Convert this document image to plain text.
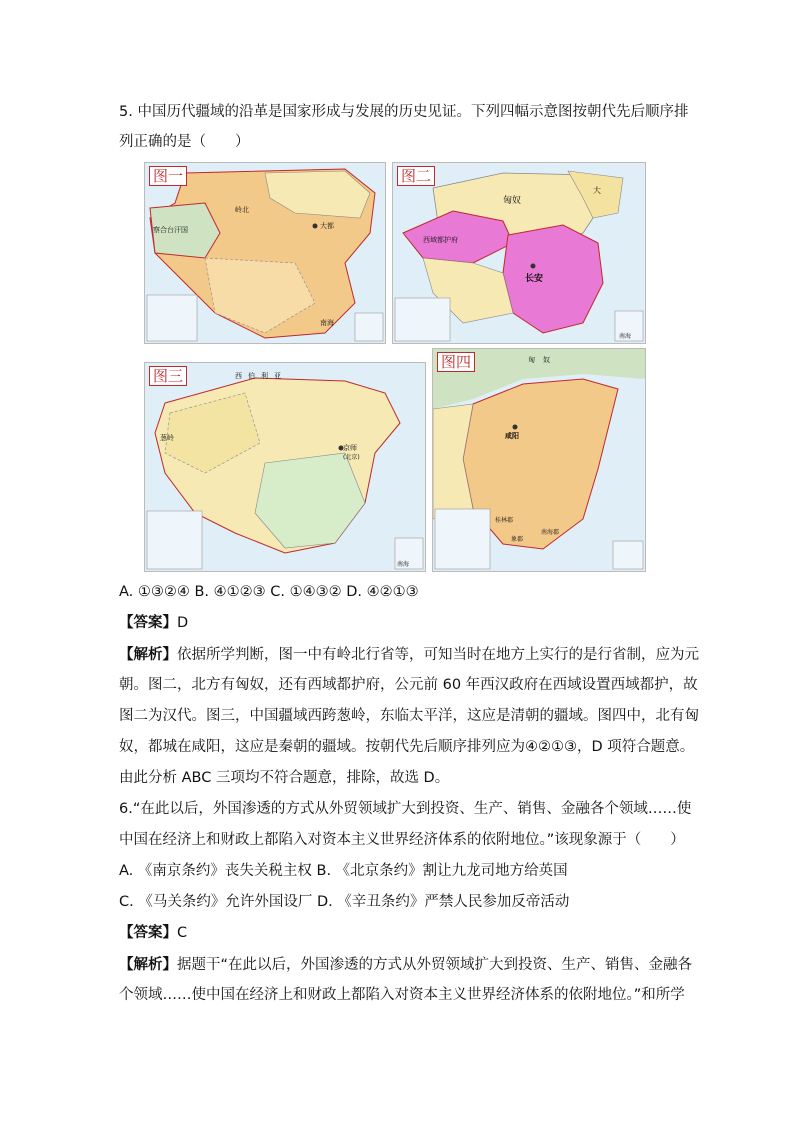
5. 中国历代疆域的沿革是国家形成与发展的历史见证。下列四幅示意图按朝代先后顺序排
列正确的是（　　）
图一
岭北
大都
察合台汗国
南海
图二
匈奴
西域都护府
长安
大
南海
图三	西伯利亚
京师
(北京)
葱岭
南海
图四	匈奴
咸阳
南海郡
桂林郡
象郡
A. ①③②④ B. ④①②③ C. ①④③② D. ④②①③
【答案】D
【解析】依据所学判断，图一中有岭北行省等，可知当时在地方上实行的是行省制，应为元
朝。图二，北方有匈奴，还有西域都护府，公元前 60 年西汉政府在西域设置西域都护，故
图二为汉代。图三，中国疆域西跨葱岭，东临太平洋，这应是清朝的疆域。图四中，北有匈
奴，都城在咸阳，这应是秦朝的疆域。按朝代先后顺序排列应为④②①③，D 项符合题意。
由此分析 ABC 三项均不符合题意，排除，故选 D。
6.“在此以后，外国渗透的方式从外贸领域扩大到投资、生产、销售、金融各个领域……使
中国在经济上和财政上都陷入对资本主义世界经济体系的依附地位。”该现象源于（　　）
A. 《南京条约》丧失关税主权 B. 《北京条约》割让九龙司地方给英国
C. 《马关条约》允许外国设厂 D. 《辛丑条约》严禁人民参加反帝活动
【答案】C
【解析】据题干“在此以后，外国渗透的方式从外贸领域扩大到投资、生产、销售、金融各
个领域……使中国在经济上和财政上都陷入对资本主义世界经济体系的依附地位。”和所学
